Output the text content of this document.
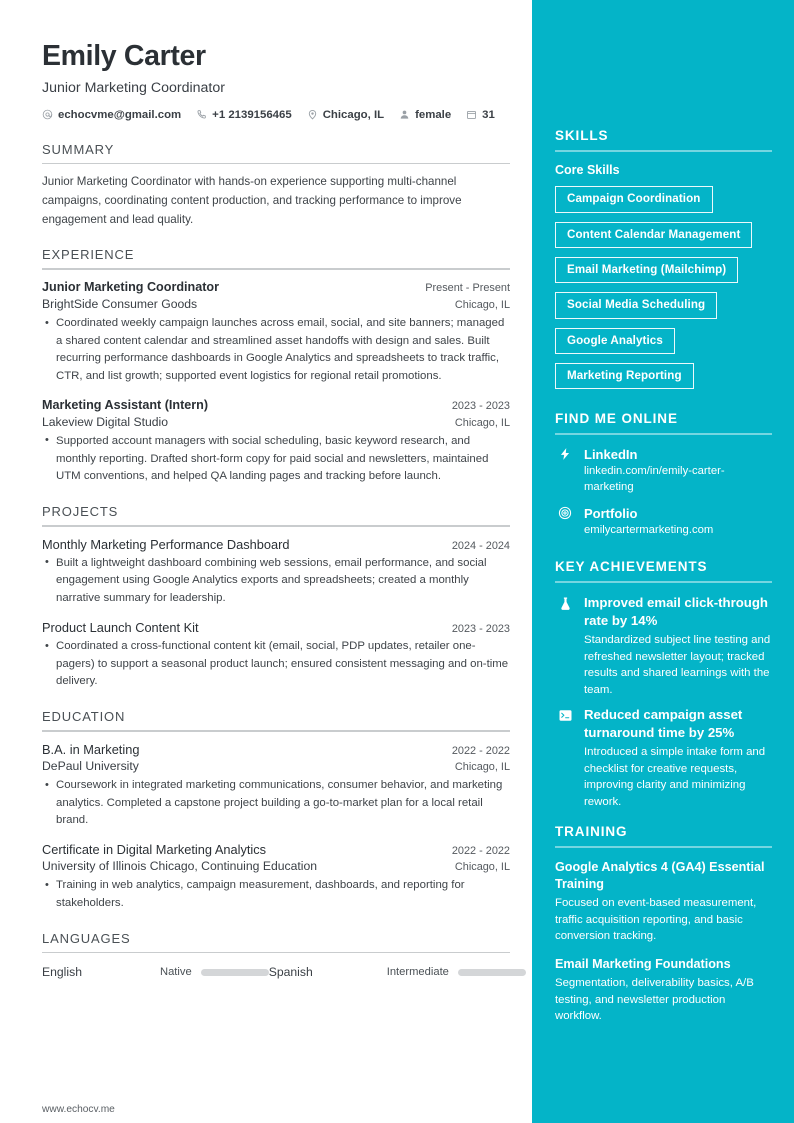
SKILLS
Core Skills
Campaign Coordination
Content Calendar Management
Email Marketing (Mailchimp)
Social Media Scheduling
Google Analytics
Marketing Reporting
FIND ME ONLINE
LinkedIn
linkedin.com/in/emily-carter-marketing
Portfolio
emilycartermarketing.com
KEY ACHIEVEMENTS
Improved email click-through rate by 14%
Standardized subject line testing and refreshed newsletter layout; tracked results and shared learnings with the team.
Reduced campaign asset turnaround time by 25%
Introduced a simple intake form and checklist for creative requests, improving clarity and minimizing rework.
TRAINING
Google Analytics 4 (GA4) Essential Training
Focused on event-based measurement, traffic acquisition reporting, and basic conversion tracking.
Email Marketing Foundations
Segmentation, deliverability basics, A/B testing, and newsletter production workflow.
Emily Carter
Junior Marketing Coordinator
echocvme@gmail.com	+1 2139156465	Chicago, IL	female	31
SUMMARY
Junior Marketing Coordinator with hands-on experience supporting multi-channel campaigns, coordinating content production, and tracking performance to improve engagement and lead quality.
EXPERIENCE
Junior Marketing Coordinator	Present - Present
BrightSide Consumer Goods	Chicago, IL
• Coordinated weekly campaign launches across email, social, and site banners; managed a shared content calendar and streamlined asset handoffs with design and sales. Built recurring performance dashboards in Google Analytics and spreadsheets to track traffic, CTR, and list growth; supported event logistics for regional retail promotions.
Marketing Assistant (Intern)	2023 - 2023
Lakeview Digital Studio	Chicago, IL
• Supported account managers with social scheduling, basic keyword research, and monthly reporting. Drafted short-form copy for paid social and newsletters, maintained UTM conventions, and helped QA landing pages and tracking before launch.
PROJECTS
Monthly Marketing Performance Dashboard	2024 - 2024
• Built a lightweight dashboard combining web sessions, email performance, and social engagement using Google Analytics exports and spreadsheets; created a monthly narrative summary for leadership.
Product Launch Content Kit	2023 - 2023
• Coordinated a cross-functional content kit (email, social, PDP updates, retailer one-pagers) to support a seasonal product launch; ensured consistent messaging and on-time delivery.
EDUCATION
B.A. in Marketing	2022 - 2022
DePaul University	Chicago, IL
• Coursework in integrated marketing communications, consumer behavior, and marketing analytics. Completed a capstone project building a go-to-market plan for a local retail brand.
Certificate in Digital Marketing Analytics	2022 - 2022
University of Illinois Chicago, Continuing Education	Chicago, IL
• Training in web analytics, campaign measurement, dashboards, and reporting for stakeholders.
LANGUAGES
English	Native	Spanish	Intermediate
www.echocv.me
